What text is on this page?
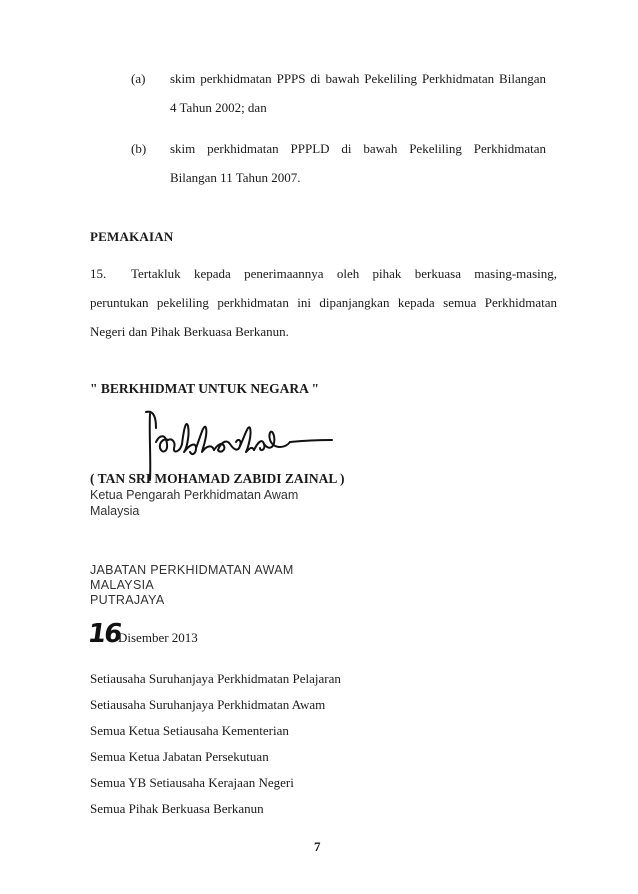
(a) skim perkhidmatan PPPS di bawah Pekeliling Perkhidmatan Bilangan
4 Tahun 2002; dan
(b) skim perkhidmatan PPPLD di bawah Pekeliling Perkhidmatan
Bilangan 11 Tahun 2007.
PEMAKAIAN
15. Tertakluk kepada penerimaannya oleh pihak berkuasa masing-masing,
peruntukan pekeliling perkhidmatan ini dipanjangkan kepada semua Perkhidmatan
Negeri dan Pihak Berkuasa Berkanun.
" BERKHIDMAT UNTUK NEGARA "
( TAN SRI MOHAMAD ZABIDI ZAINAL )
Ketua Pengarah Perkhidmatan Awam
Malaysia
JABATAN PERKHIDMATAN AWAM
MALAYSIA
PUTRAJAYA
16
Disember 2013
Setiausaha Suruhanjaya Perkhidmatan Pelajaran
Setiausaha Suruhanjaya Perkhidmatan Awam
Semua Ketua Setiausaha Kementerian
Semua Ketua Jabatan Persekutuan
Semua YB Setiausaha Kerajaan Negeri
Semua Pihak Berkuasa Berkanun
7
